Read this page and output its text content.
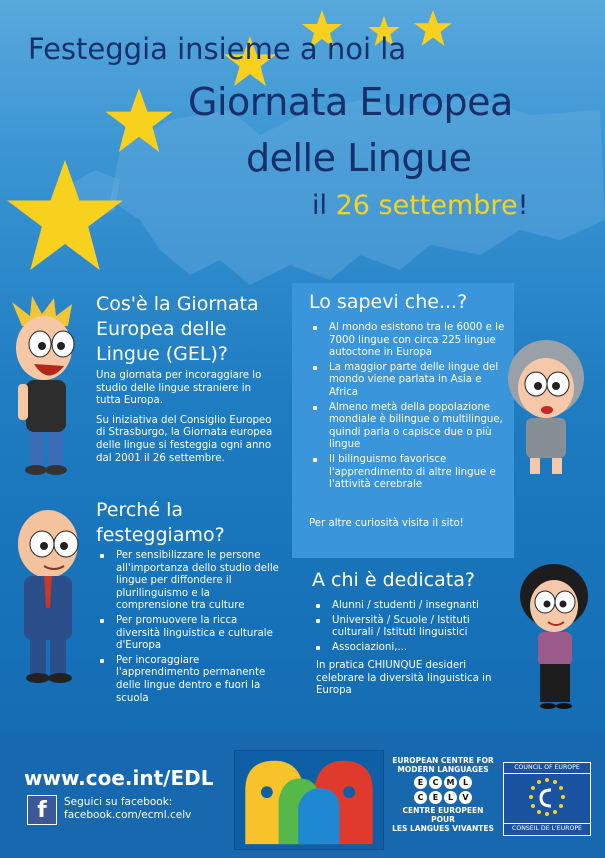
Festeggia insieme a noi la
Giornata Europea
delle Lingue
il 26 settembre!
Cos'è la Giornata
Europea delle
Lingue (GEL)?

Una giornata per incoraggiare lo studio delle lingue straniere in tutta Europa.

Su iniziativa del Consiglio Europeo di Strasburgo, la Giornata europea delle lingue si festeggia ogni anno dal 2001 il 26 settembre.

Perché la
festeggiamo?
Per sensibilizzare le persone all'importanza dello studio delle lingue per diffondere il plurilinguismo e la comprensione tra culture
Per promuovere la ricca diversità linguistica e culturale d'Europa
Per incoraggiare l'apprendimento permanente delle lingue dentro e fuori la scuola
Lo sapevi che...?
Al mondo esistono tra le 6000 e le 7000 lingue con circa 225 lingue autoctone in Europa
La maggior parte delle lingue del mondo viene parlata in Asia e Africa
Almeno metà della popolazione mondiale è bilingue o multilingue, quindi parla o capisce due o più lingue
Il bilinguismo favorisce l'apprendimento di altre lingue e l'attività cerebrale
Per altre curiosità visita il sito!
A chi è dedicata?
Alunni / studenti / insegnanti
Università / Scuole / Istituti culturali / Istituti linguistici
Associazioni,...
In pratica CHIUNQUE desideri celebrare la diversità linguistica in Europa
www.coe.int/EDL
f	Seguici su facebook:
facebook.com/ecml.celv
EUROPEAN CENTRE FOR
MODERN LANGUAGES
E	C	M	L
C	E	L	V
CENTRE EUROPEEN POUR
LES LANGUES VIVANTES
COUNCIL OF EUROPE
CONSEIL DE L'EUROPE
